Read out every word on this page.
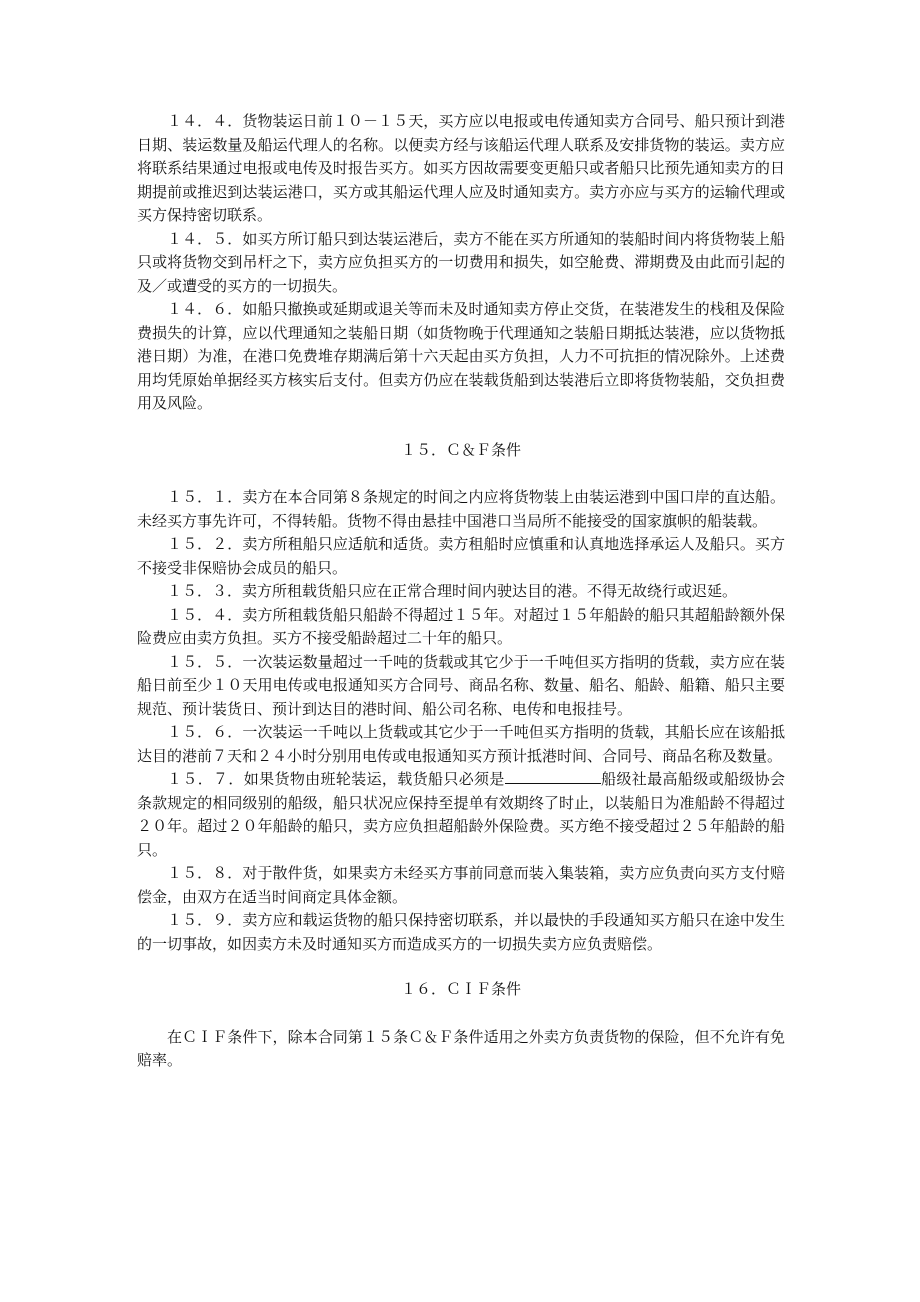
１４．４．货物装运日前１０－１５天，买方应以电报或电传通知卖方合同号、船只预计到港日期、装运数量及船运代理人的名称。以便卖方经与该船运代理人联系及安排货物的装运。卖方应将联系结果通过电报或电传及时报告买方。如买方因故需要变更船只或者船只比预先通知卖方的日期提前或推迟到达装运港口，买方或其船运代理人应及时通知卖方。卖方亦应与买方的运输代理或买方保持密切联系。

１４．５．如买方所订船只到达装运港后，卖方不能在买方所通知的装船时间内将货物装上船只或将货物交到吊杆之下，卖方应负担买方的一切费用和损失，如空舱费、滞期费及由此而引起的及／或遭受的买方的一切损失。

１４．６．如船只撤换或延期或退关等而未及时通知卖方停止交货，在装港发生的栈租及保险费损失的计算，应以代理通知之装船日期（如货物晚于代理通知之装船日期抵达装港，应以货物抵港日期）为准，在港口免费堆存期满后第十六天起由买方负担，人力不可抗拒的情况除外。上述费用均凭原始单据经买方核实后支付。但卖方仍应在装载货船到达装港后立即将货物装船，交负担费用及风险。

１５．Ｃ＆Ｆ条件

１５．１．卖方在本合同第８条规定的时间之内应将货物装上由装运港到中国口岸的直达船。未经买方事先许可，不得转船。货物不得由悬挂中国港口当局所不能接受的国家旗帜的船装载。

１５．２．卖方所租船只应适航和适货。卖方租船时应慎重和认真地选择承运人及船只。买方不接受非保赔协会成员的船只。

１５．３．卖方所租载货船只应在正常合理时间内驶达目的港。不得无故绕行或迟延。

１５．４．卖方所租载货船只船龄不得超过１５年。对超过１５年船龄的船只其超船龄额外保险费应由卖方负担。买方不接受船龄超过二十年的船只。

１５．５．一次装运数量超过一千吨的货载或其它少于一千吨但买方指明的货载，卖方应在装船日前至少１０天用电传或电报通知买方合同号、商品名称、数量、船名、船龄、船籍、船只主要规范、预计装货日、预计到达目的港时间、船公司名称、电传和电报挂号。

１５．６．一次装运一千吨以上货载或其它少于一千吨但买方指明的货载，其船长应在该船抵达目的港前７天和２４小时分别用电传或电报通知买方预计抵港时间、合同号、商品名称及数量。

１５．７．如果货物由班轮装运，载货船只必须是	船级社最高船级或船级协会条款规定的相同级别的船级，船只状况应保持至提单有效期终了时止，以装船日为准船龄不得超过２０年。超过２０年船龄的船只，卖方应负担超船龄外保险费。买方绝不接受超过２５年船龄的船只。

１５．８．对于散件货，如果卖方未经买方事前同意而装入集装箱，卖方应负责向买方支付赔偿金，由双方在适当时间商定具体金额。

１５．９．卖方应和载运货物的船只保持密切联系，并以最快的手段通知买方船只在途中发生的一切事故，如因卖方未及时通知买方而造成买方的一切损失卖方应负责赔偿。

１６．ＣＩＦ条件

在ＣＩＦ条件下，除本合同第１５条Ｃ＆Ｆ条件适用之外卖方负责货物的保险，但不允许有免赔率。
